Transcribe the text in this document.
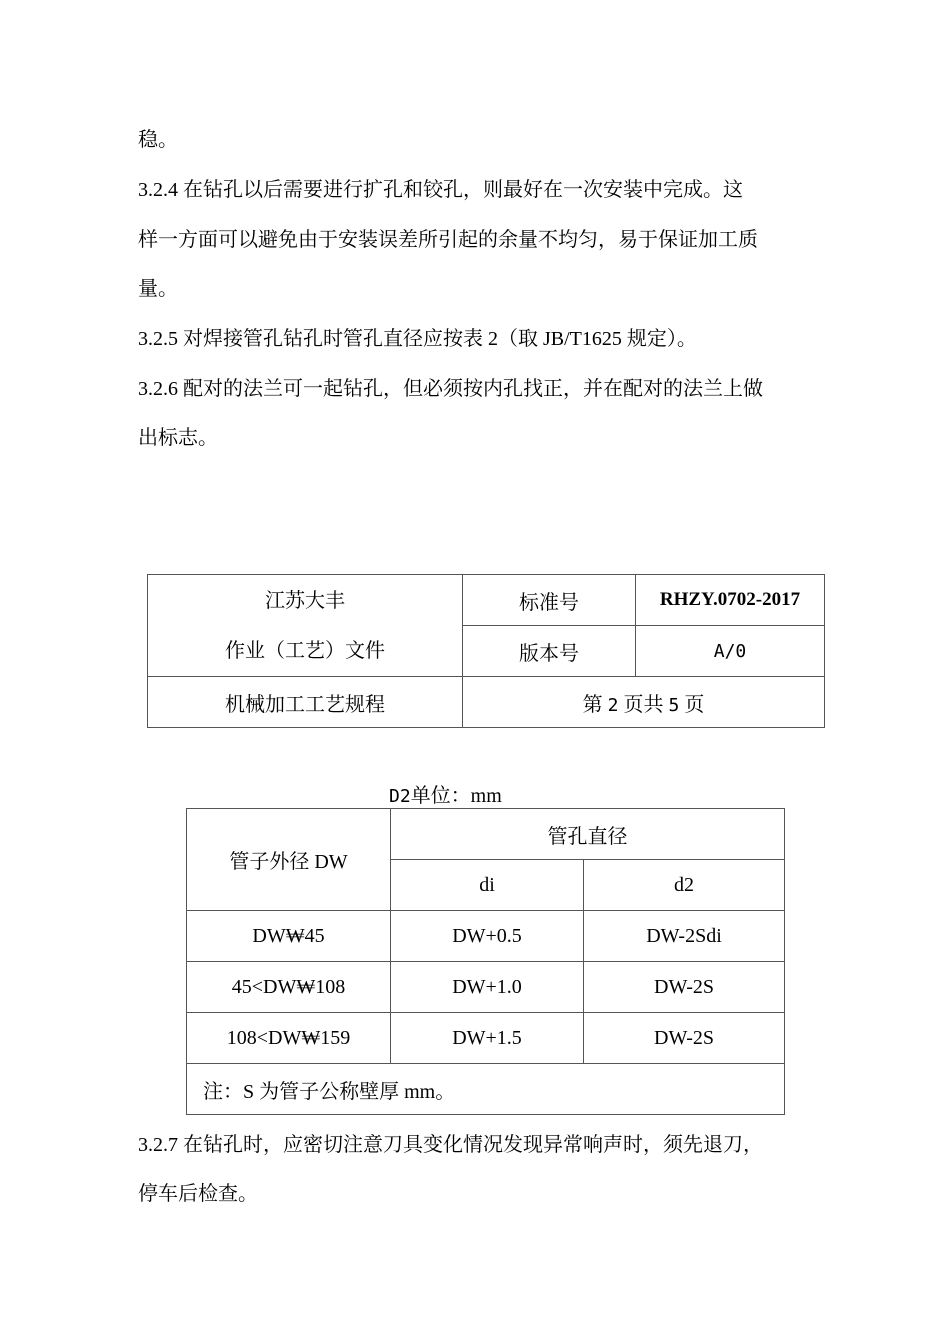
稳。

3.2.4 在钻孔以后需要进行扩孔和铰孔，则最好在一次安装中完成。这

样一方面可以避免由于安装误差所引起的余量不均匀，易于保证加工质

量。

3.2.5 对焊接管孔钻孔时管孔直径应按表 2（取 JB/T1625 规定）。

3.2.6 配对的法兰可一起钻孔，但必须按内孔找正，并在配对的法兰上做

出标志。

江苏大丰
作业（工艺）文件	标准号	RHZY.0702-2017
	版本号	A/0
机械加工工艺规程	第 2 页共 5 页	
D2单位：mm
管子外径 DW	管孔直径	
	di	d2
DW₩45	DW+0.5	DW-2Sdi
45<DW₩108	DW+1.0	DW-2S
108<DW₩159	DW+1.5	DW-2S
注：S 为管子公称壁厚 mm。		

3.2.7 在钻孔时，应密切注意刀具变化情况发现异常响声时，须先退刀，

停车后检查。
